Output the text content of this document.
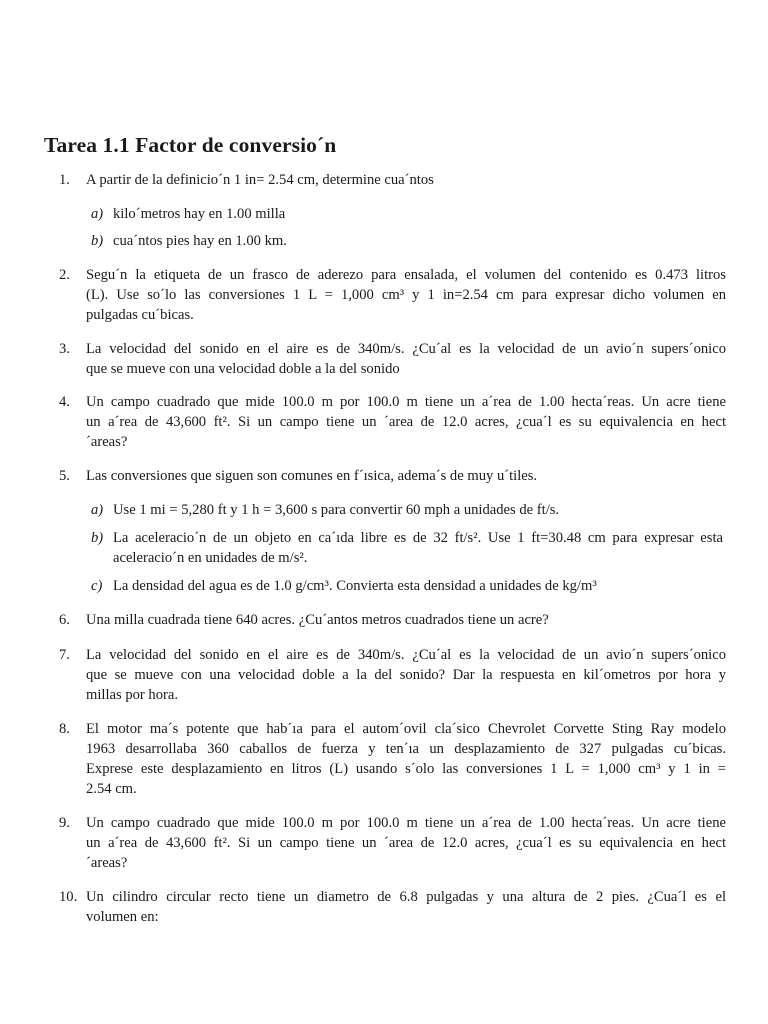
Tarea 1.1 Factor de conversio´n
1. A partir de la definicio´n 1 in= 2.54 cm, determine cua´ntos
a) kilo´metros hay en 1.00 milla
b) cua´ntos pies hay en 1.00 km.
2. Segu´n la etiqueta de un frasco de aderezo para ensalada, el volumen del contenido es 0.473 litros
(L). Use so´lo las conversiones 1 L = 1,000 cm³ y 1 in=2.54 cm para expresar dicho volumen en
pulgadas cu´bicas.
3. La velocidad del sonido en el aire es de 340m/s. ¿Cu´al es la velocidad de un avio´n supers´onico
que se mueve con una velocidad doble a la del sonido
4. Un campo cuadrado que mide 100.0 m por 100.0 m tiene un a´rea de 1.00 hecta´reas. Un acre tiene
un a´rea de 43,600 ft². Si un campo tiene un ´area de 12.0 acres, ¿cua´l es su equivalencia en hect
´areas?
5. Las conversiones que siguen son comunes en f´ısica, adema´s de muy u´tiles.
a) Use 1 mi = 5,280 ft y 1 h = 3,600 s para convertir 60 mph a unidades de ft/s.
b) La aceleracio´n de un objeto en ca´ıda libre es de 32 ft/s². Use 1 ft=30.48 cm para expresar esta
aceleracio´n en unidades de m/s².
c) La densidad del agua es de 1.0 g/cm³. Convierta esta densidad a unidades de kg/m³
6. Una milla cuadrada tiene 640 acres. ¿Cu´antos metros cuadrados tiene un acre?
7. La velocidad del sonido en el aire es de 340m/s. ¿Cu´al es la velocidad de un avio´n supers´onico
que se mueve con una velocidad doble a la del sonido? Dar la respuesta en kil´ometros por hora y
millas por hora.
8. El motor ma´s potente que hab´ıa para el autom´ovil cla´sico Chevrolet Corvette Sting Ray modelo
1963 desarrollaba 360 caballos de fuerza y ten´ıa un desplazamiento de 327 pulgadas cu´bicas.
Exprese este desplazamiento en litros (L) usando s´olo las conversiones 1 L = 1,000 cm³ y 1 in =
2.54 cm.
9. Un campo cuadrado que mide 100.0 m por 100.0 m tiene un a´rea de 1.00 hecta´reas. Un acre tiene
un a´rea de 43,600 ft². Si un campo tiene un ´area de 12.0 acres, ¿cua´l es su equivalencia en hect
´areas?
10. Un cilindro circular recto tiene un diametro de 6.8 pulgadas y una altura de 2 pies. ¿Cua´l es el
volumen en:
